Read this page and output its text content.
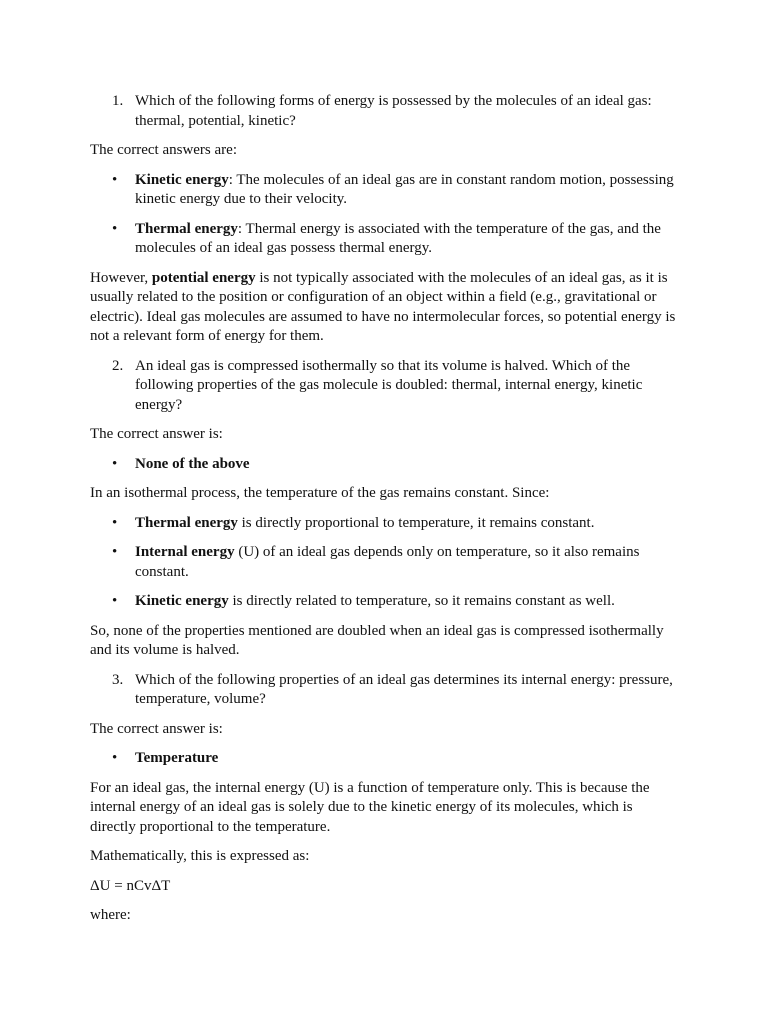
1. Which of the following forms of energy is possessed by the molecules of an ideal gas: thermal, potential, kinetic?

The correct answers are:

• Kinetic energy: The molecules of an ideal gas are in constant random motion, possessing kinetic energy due to their velocity.
• Thermal energy: Thermal energy is associated with the temperature of the gas, and the molecules of an ideal gas possess thermal energy.

However, potential energy is not typically associated with the molecules of an ideal gas, as it is usually related to the position or configuration of an object within a field (e.g., gravitational or electric). Ideal gas molecules are assumed to have no intermolecular forces, so potential energy is not a relevant form of energy for them.

2. An ideal gas is compressed isothermally so that its volume is halved. Which of the following properties of the gas molecule is doubled: thermal, internal energy, kinetic energy?

The correct answer is:

• None of the above

In an isothermal process, the temperature of the gas remains constant. Since:

• Thermal energy is directly proportional to temperature, it remains constant.
• Internal energy (U) of an ideal gas depends only on temperature, so it also remains constant.
• Kinetic energy is directly related to temperature, so it remains constant as well.

So, none of the properties mentioned are doubled when an ideal gas is compressed isothermally and its volume is halved.

3. Which of the following properties of an ideal gas determines its internal energy: pressure, temperature, volume?

The correct answer is:

• Temperature

For an ideal gas, the internal energy (U) is a function of temperature only. This is because the internal energy of an ideal gas is solely due to the kinetic energy of its molecules, which is directly proportional to the temperature.

Mathematically, this is expressed as:

ΔU = nCvΔT

where:
